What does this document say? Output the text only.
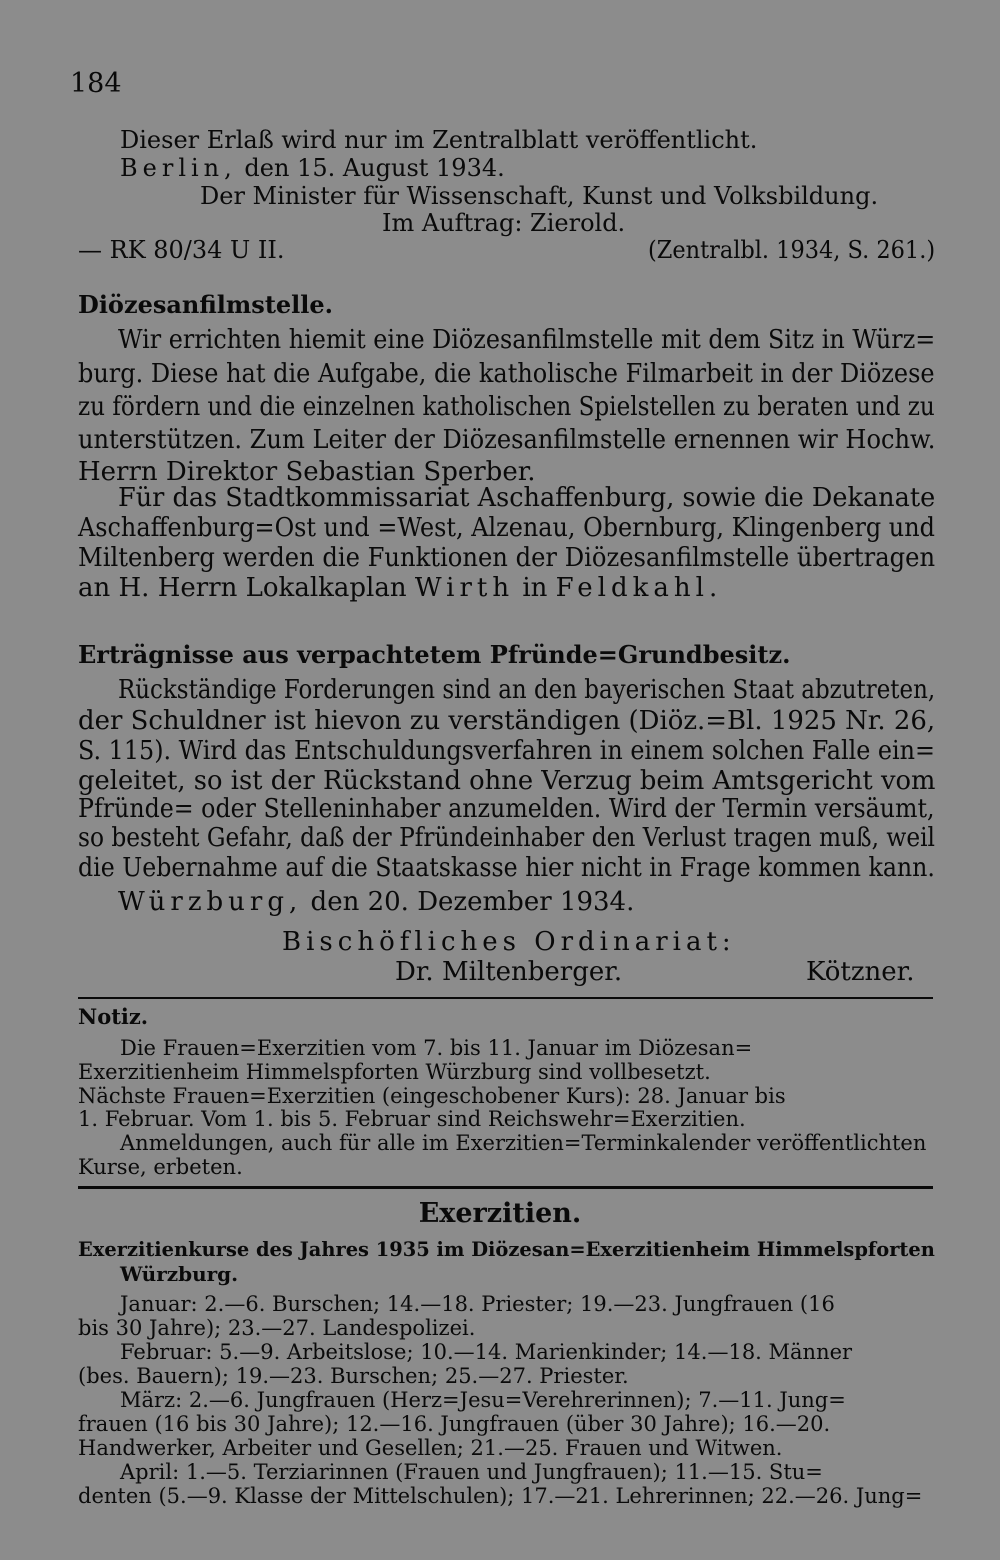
184
Dieser Erlaß wird nur im Zentralblatt veröffentlicht.
Berlin, den 15. August 1934.
Der Minister für Wissenschaft, Kunst und Volksbildung.
Im Auftrag: Zierold.
— RK 80/34 U II.	(Zentralbl. 1934, S. 261.)
Diözesanfilmstelle.
Wir errichten hiemit eine Diözesanfilmstelle mit dem Sitz in Würz=
burg. Diese hat die Aufgabe, die katholische Filmarbeit in der Diözese
zu fördern und die einzelnen katholischen Spielstellen zu beraten und zu
unterstützen. Zum Leiter der Diözesanfilmstelle ernennen wir Hochw.
Herrn Direktor Sebastian Sperber.
Für das Stadtkommissariat Aschaffenburg, sowie die Dekanate
Aschaffenburg=Ost und =West, Alzenau, Obernburg, Klingenberg und
Miltenberg werden die Funktionen der Diözesanfilmstelle übertragen
an H. Herrn Lokalkaplan Wirth in Feldkahl.
Erträgnisse aus verpachtetem Pfründe=Grundbesitz.
Rückständige Forderungen sind an den bayerischen Staat abzutreten,
der Schuldner ist hievon zu verständigen (Diöz.=Bl. 1925 Nr. 26,
S. 115). Wird das Entschuldungsverfahren in einem solchen Falle ein=
geleitet, so ist der Rückstand ohne Verzug beim Amtsgericht vom
Pfründe= oder Stelleninhaber anzumelden. Wird der Termin versäumt,
so besteht Gefahr, daß der Pfründeinhaber den Verlust tragen muß, weil
die Uebernahme auf die Staatskasse hier nicht in Frage kommen kann.
Würzburg, den 20. Dezember 1934.
Bischöfliches Ordinariat:
Dr. Miltenberger.	Kötzner.
Notiz.
Die Frauen=Exerzitien vom 7. bis 11. Januar im Diözesan=
Exerzitienheim Himmelspforten Würzburg sind vollbesetzt.
Nächste Frauen=Exerzitien (eingeschobener Kurs): 28. Januar bis
1. Februar. Vom 1. bis 5. Februar sind Reichswehr=Exerzitien.
Anmeldungen, auch für alle im Exerzitien=Terminkalender veröffentlichten
Kurse, erbeten.
Exerzitien.
Exerzitienkurse des Jahres 1935 im Diözesan=Exerzitienheim Himmelspforten
Würzburg.
Januar: 2.—6. Burschen; 14.—18. Priester; 19.—23. Jungfrauen (16
bis 30 Jahre); 23.—27. Landespolizei.
Februar: 5.—9. Arbeitslose; 10.—14. Marienkinder; 14.—18. Männer
(bes. Bauern); 19.—23. Burschen; 25.—27. Priester.
März: 2.—6. Jungfrauen (Herz=Jesu=Verehrerinnen); 7.—11. Jung=
frauen (16 bis 30 Jahre); 12.—16. Jungfrauen (über 30 Jahre); 16.—20.
Handwerker, Arbeiter und Gesellen; 21.—25. Frauen und Witwen.
April: 1.—5. Terziarinnen (Frauen und Jungfrauen); 11.—15. Stu=
denten (5.—9. Klasse der Mittelschulen); 17.—21. Lehrerinnen; 22.—26. Jung=
